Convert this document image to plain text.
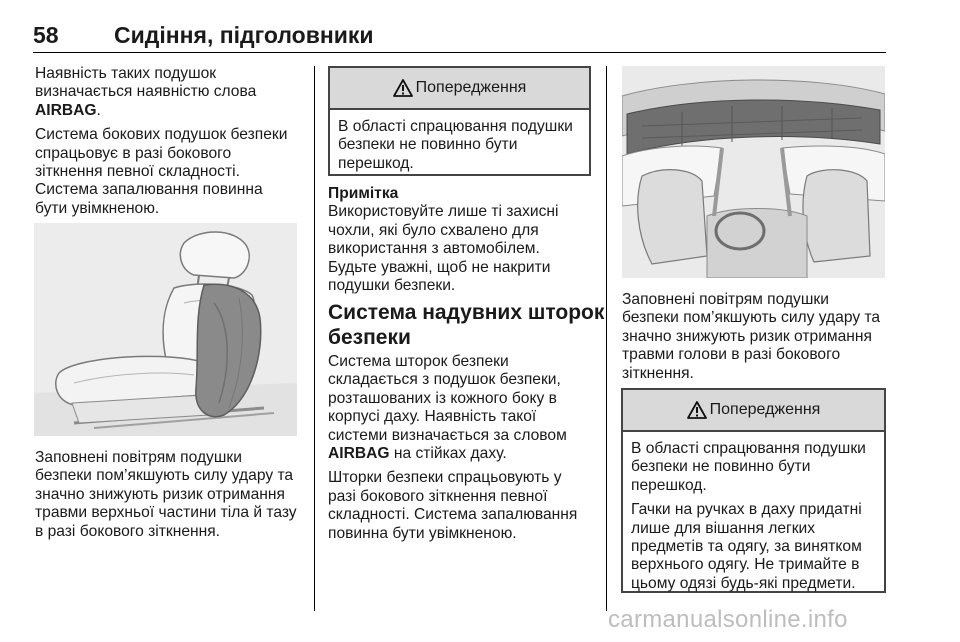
58 Сидіння, підголовники

Наявність таких подушок
визначається наявністю слова
AIRBAG.

Система бокових подушок безпеки
спрацьовує в разі бокового
зіткнення певної складності.
Система запалювання повинна
бути увімкненою.

Заповнені повітрям подушки
безпеки пом’якшують силу удару та
значно знижують ризик отримання
травми верхньої частини тіла й тазу
в разі бокового зіткнення.

Попередження

В області спрацювання подушки
безпеки не повинно бути
перешкод.

Примітка
Використовуйте лише ті захисні
чохли, які було схвалено для
використання з автомобілем.
Будьте уважні, щоб не накрити
подушки безпеки.

Система надувних шторок
безпеки

Система шторок безпеки
складається з подушок безпеки,
розташованих із кожного боку в
корпусі даху. Наявність такої
системи визначається за словом
AIRBAG на стійках даху.

Шторки безпеки спрацьовують у
разі бокового зіткнення певної
складності. Система запалювання
повинна бути увімкненою.

Заповнені повітрям подушки
безпеки пом’якшують силу удару та
значно знижують ризик отримання
травми голови в разі бокового
зіткнення.

Попередження

В області спрацювання подушки
безпеки не повинно бути
перешкод.

Гачки на ручках в даху придатні
лише для вішання легких
предметів та одягу, за винятком
верхнього одягу. Не тримайте в
цьому одязі будь-які предмети.

carmanualsonline.info
